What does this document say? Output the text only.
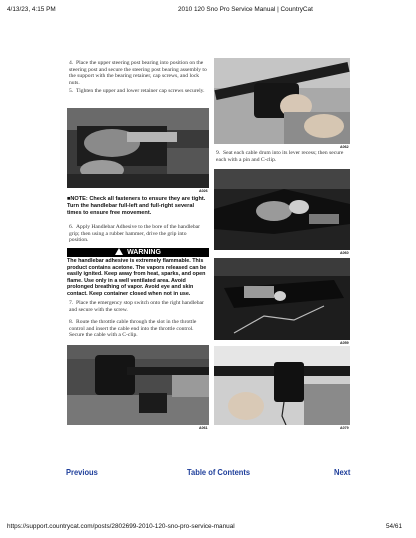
4/13/23, 4:15 PM	2010 120 Sno Pro Service Manual | CountryCat
4. Place the upper steering post bearing into position on the steering post and secure the steering post bearing assembly to the support with the bearing retainer, cap screws, and lock nuts.
5. Tighten the upper and lower retainer cap screws securely.
A026
■NOTE: Check all fasteners to ensure they are tight. Turn the handlebar full-left and full-right several times to ensure free movement.
6. Apply Handlebar Adhesive to the bore of the handlebar grip; then using a rubber hammer, drive the grip into position.
WARNING
The handlebar adhesive is extremely flammable. This product contains acetone. The vapors released can be easily ignited. Keep away from heat, sparks, and open flame. Use only in a well ventilated area. Avoid prolonged breathing of vapor. Avoid eye and skin contact. Keep container closed when not in use.
7. Place the emergency stop switch onto the right handlebar and secure with the screw.
8. Route the throttle cable through the slot in the throttle control and insert the cable end into the throttle control. Secure the cable with a C-clip.
A061
A062
9. Seat each cable drum into its lever recess; then secure each with a pin and C-clip.
A060
A059
A079
Previous	Table of Contents	Next
https://support.countrycat.com/posts/2802699-2010-120-sno-pro-service-manual	54/61
